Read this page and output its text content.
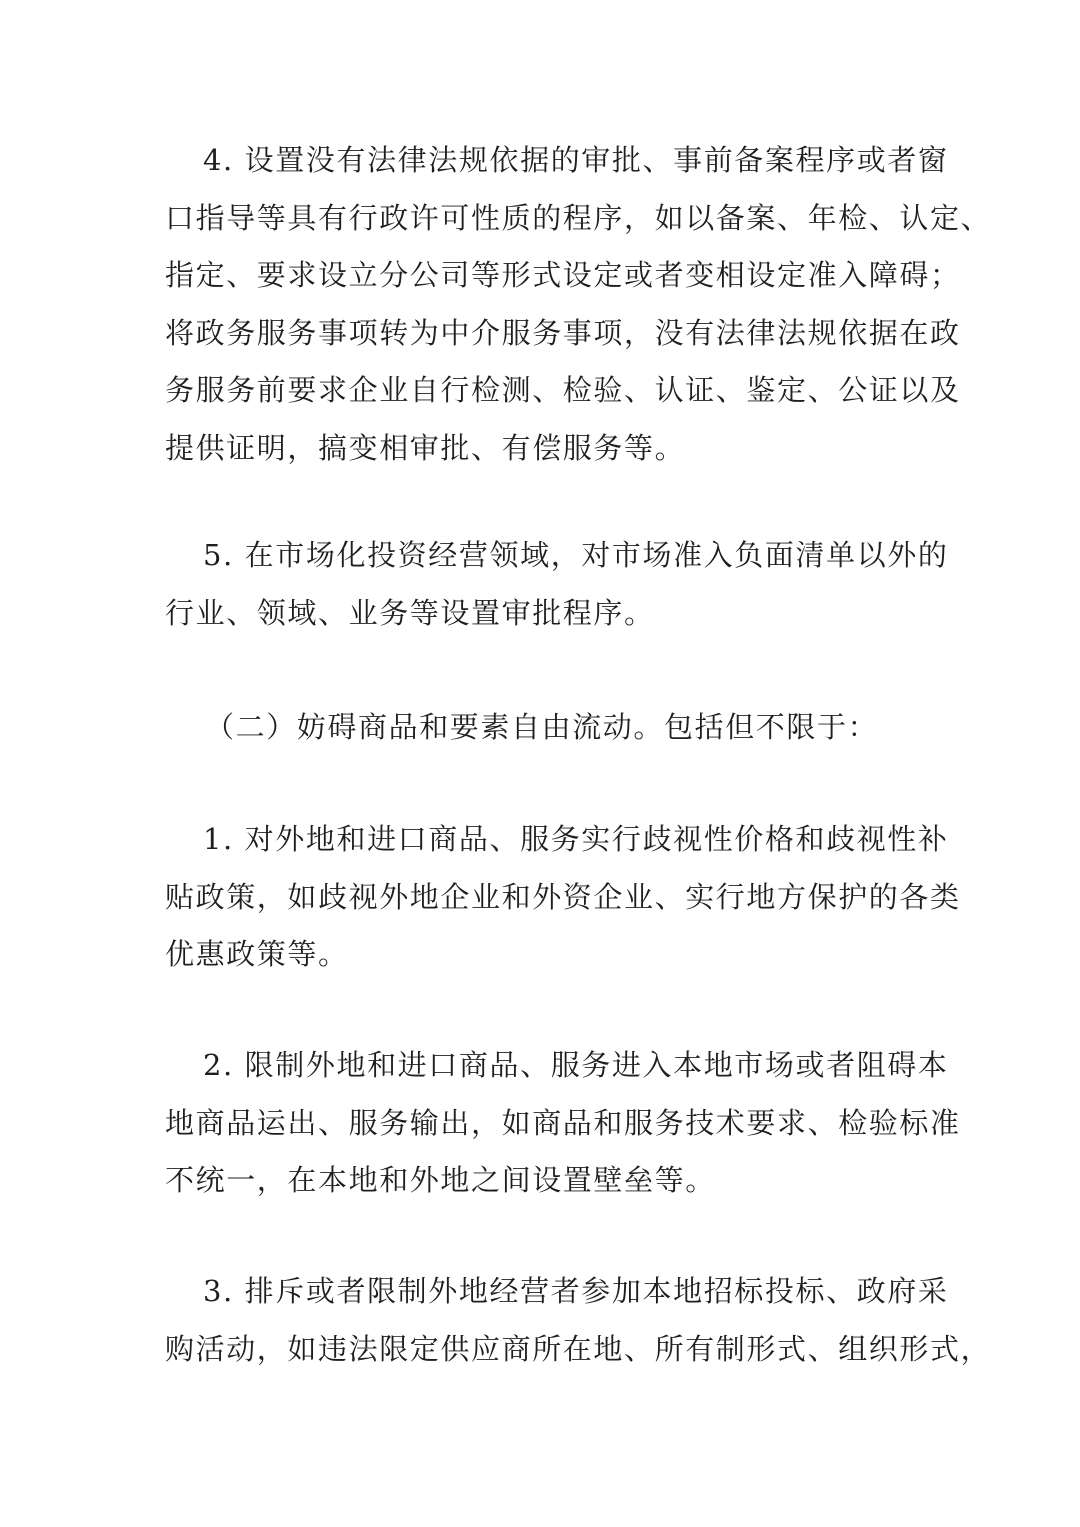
4. 设置没有法律法规依据的审批、事前备案程序或者窗
口指导等具有行政许可性质的程序，如以备案、年检、认定、
指定、要求设立分公司等形式设定或者变相设定准入障碍；
将政务服务事项转为中介服务事项，没有法律法规依据在政
务服务前要求企业自行检测、检验、认证、鉴定、公证以及
提供证明，搞变相审批、有偿服务等。
5. 在市场化投资经营领域，对市场准入负面清单以外的
行业、领域、业务等设置审批程序。
（二）妨碍商品和要素自由流动。包括但不限于：
1. 对外地和进口商品、服务实行歧视性价格和歧视性补
贴政策，如歧视外地企业和外资企业、实行地方保护的各类
优惠政策等。
2. 限制外地和进口商品、服务进入本地市场或者阻碍本
地商品运出、服务输出，如商品和服务技术要求、检验标准
不统一，在本地和外地之间设置壁垒等。
3. 排斥或者限制外地经营者参加本地招标投标、政府采
购活动，如违法限定供应商所在地、所有制形式、组织形式，
